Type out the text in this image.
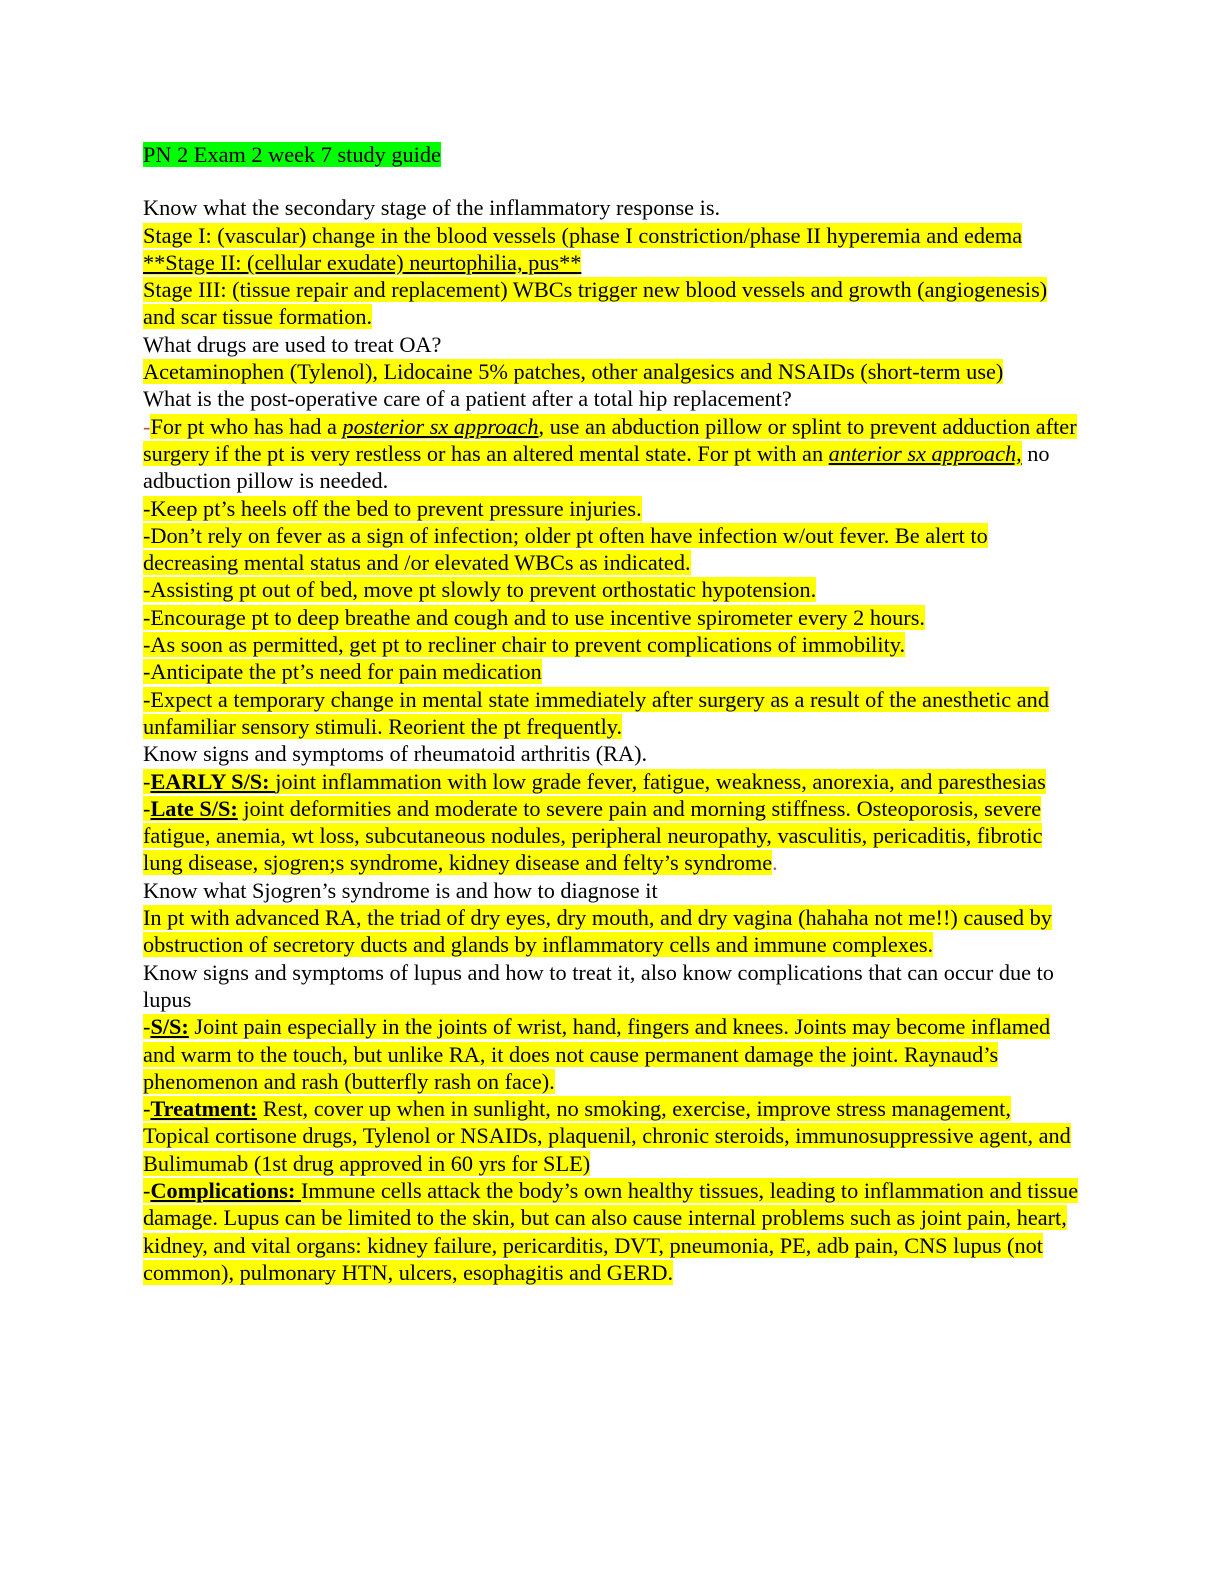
PN 2 Exam 2 week 7 study guide
Know what the secondary stage of the inflammatory response is.
Stage I: (vascular) change in the blood vessels (phase I constriction/phase II hyperemia and edema
**Stage II: (cellular exudate) neurtophilia, pus**
Stage III: (tissue repair and replacement) WBCs trigger new blood vessels and growth (angiogenesis) and scar tissue formation.
What drugs are used to treat OA?
Acetaminophen (Tylenol), Lidocaine 5% patches, other analgesics and NSAIDs (short-term use)
What is the post-operative care of a patient after a total hip replacement?
-For pt who has had a posterior sx approach, use an abduction pillow or splint to prevent adduction after surgery if the pt is very restless or has an altered mental state. For pt with an anterior sx approach, no adbuction pillow is needed.
-Keep pt’s heels off the bed to prevent pressure injuries.
-Don’t rely on fever as a sign of infection; older pt often have infection w/out fever. Be alert to decreasing mental status and /or elevated WBCs as indicated.
-Assisting pt out of bed, move pt slowly to prevent orthostatic hypotension.
-Encourage pt to deep breathe and cough and to use incentive spirometer every 2 hours.
-As soon as permitted, get pt to recliner chair to prevent complications of immobility.
-Anticipate the pt’s need for pain medication
-Expect a temporary change in mental state immediately after surgery as a result of the anesthetic and unfamiliar sensory stimuli. Reorient the pt frequently.
Know signs and symptoms of rheumatoid arthritis (RA).
-EARLY S/S: joint inflammation with low grade fever, fatigue, weakness, anorexia, and paresthesias
-Late S/S: joint deformities and moderate to severe pain and morning stiffness. Osteoporosis, severe fatigue, anemia, wt loss, subcutaneous nodules, peripheral neuropathy, vasculitis, pericaditis, fibrotic lung disease, sjogren;s syndrome, kidney disease and felty’s syndrome.
Know what Sjogren’s syndrome is and how to diagnose it
In pt with advanced RA, the triad of dry eyes, dry mouth, and dry vagina (hahaha not me!!) caused by obstruction of secretory ducts and glands by inflammatory cells and immune complexes.
Know signs and symptoms of lupus and how to treat it, also know complications that can occur due to lupus
-S/S: Joint pain especially in the joints of wrist, hand, fingers and knees. Joints may become inflamed and warm to the touch, but unlike RA, it does not cause permanent damage the joint. Raynaud’s phenomenon and rash (butterfly rash on face).
-Treatment: Rest, cover up when in sunlight, no smoking, exercise, improve stress management,
Topical cortisone drugs, Tylenol or NSAIDs, plaquenil, chronic steroids, immunosuppressive agent, and Bulimumab (1st drug approved in 60 yrs for SLE)
-Complications: Immune cells attack the body’s own healthy tissues, leading to inflammation and tissue damage. Lupus can be limited to the skin, but can also cause internal problems such as joint pain, heart, kidney, and vital organs: kidney failure, pericarditis, DVT, pneumonia, PE, adb pain, CNS lupus (not common), pulmonary HTN, ulcers, esophagitis and GERD.
